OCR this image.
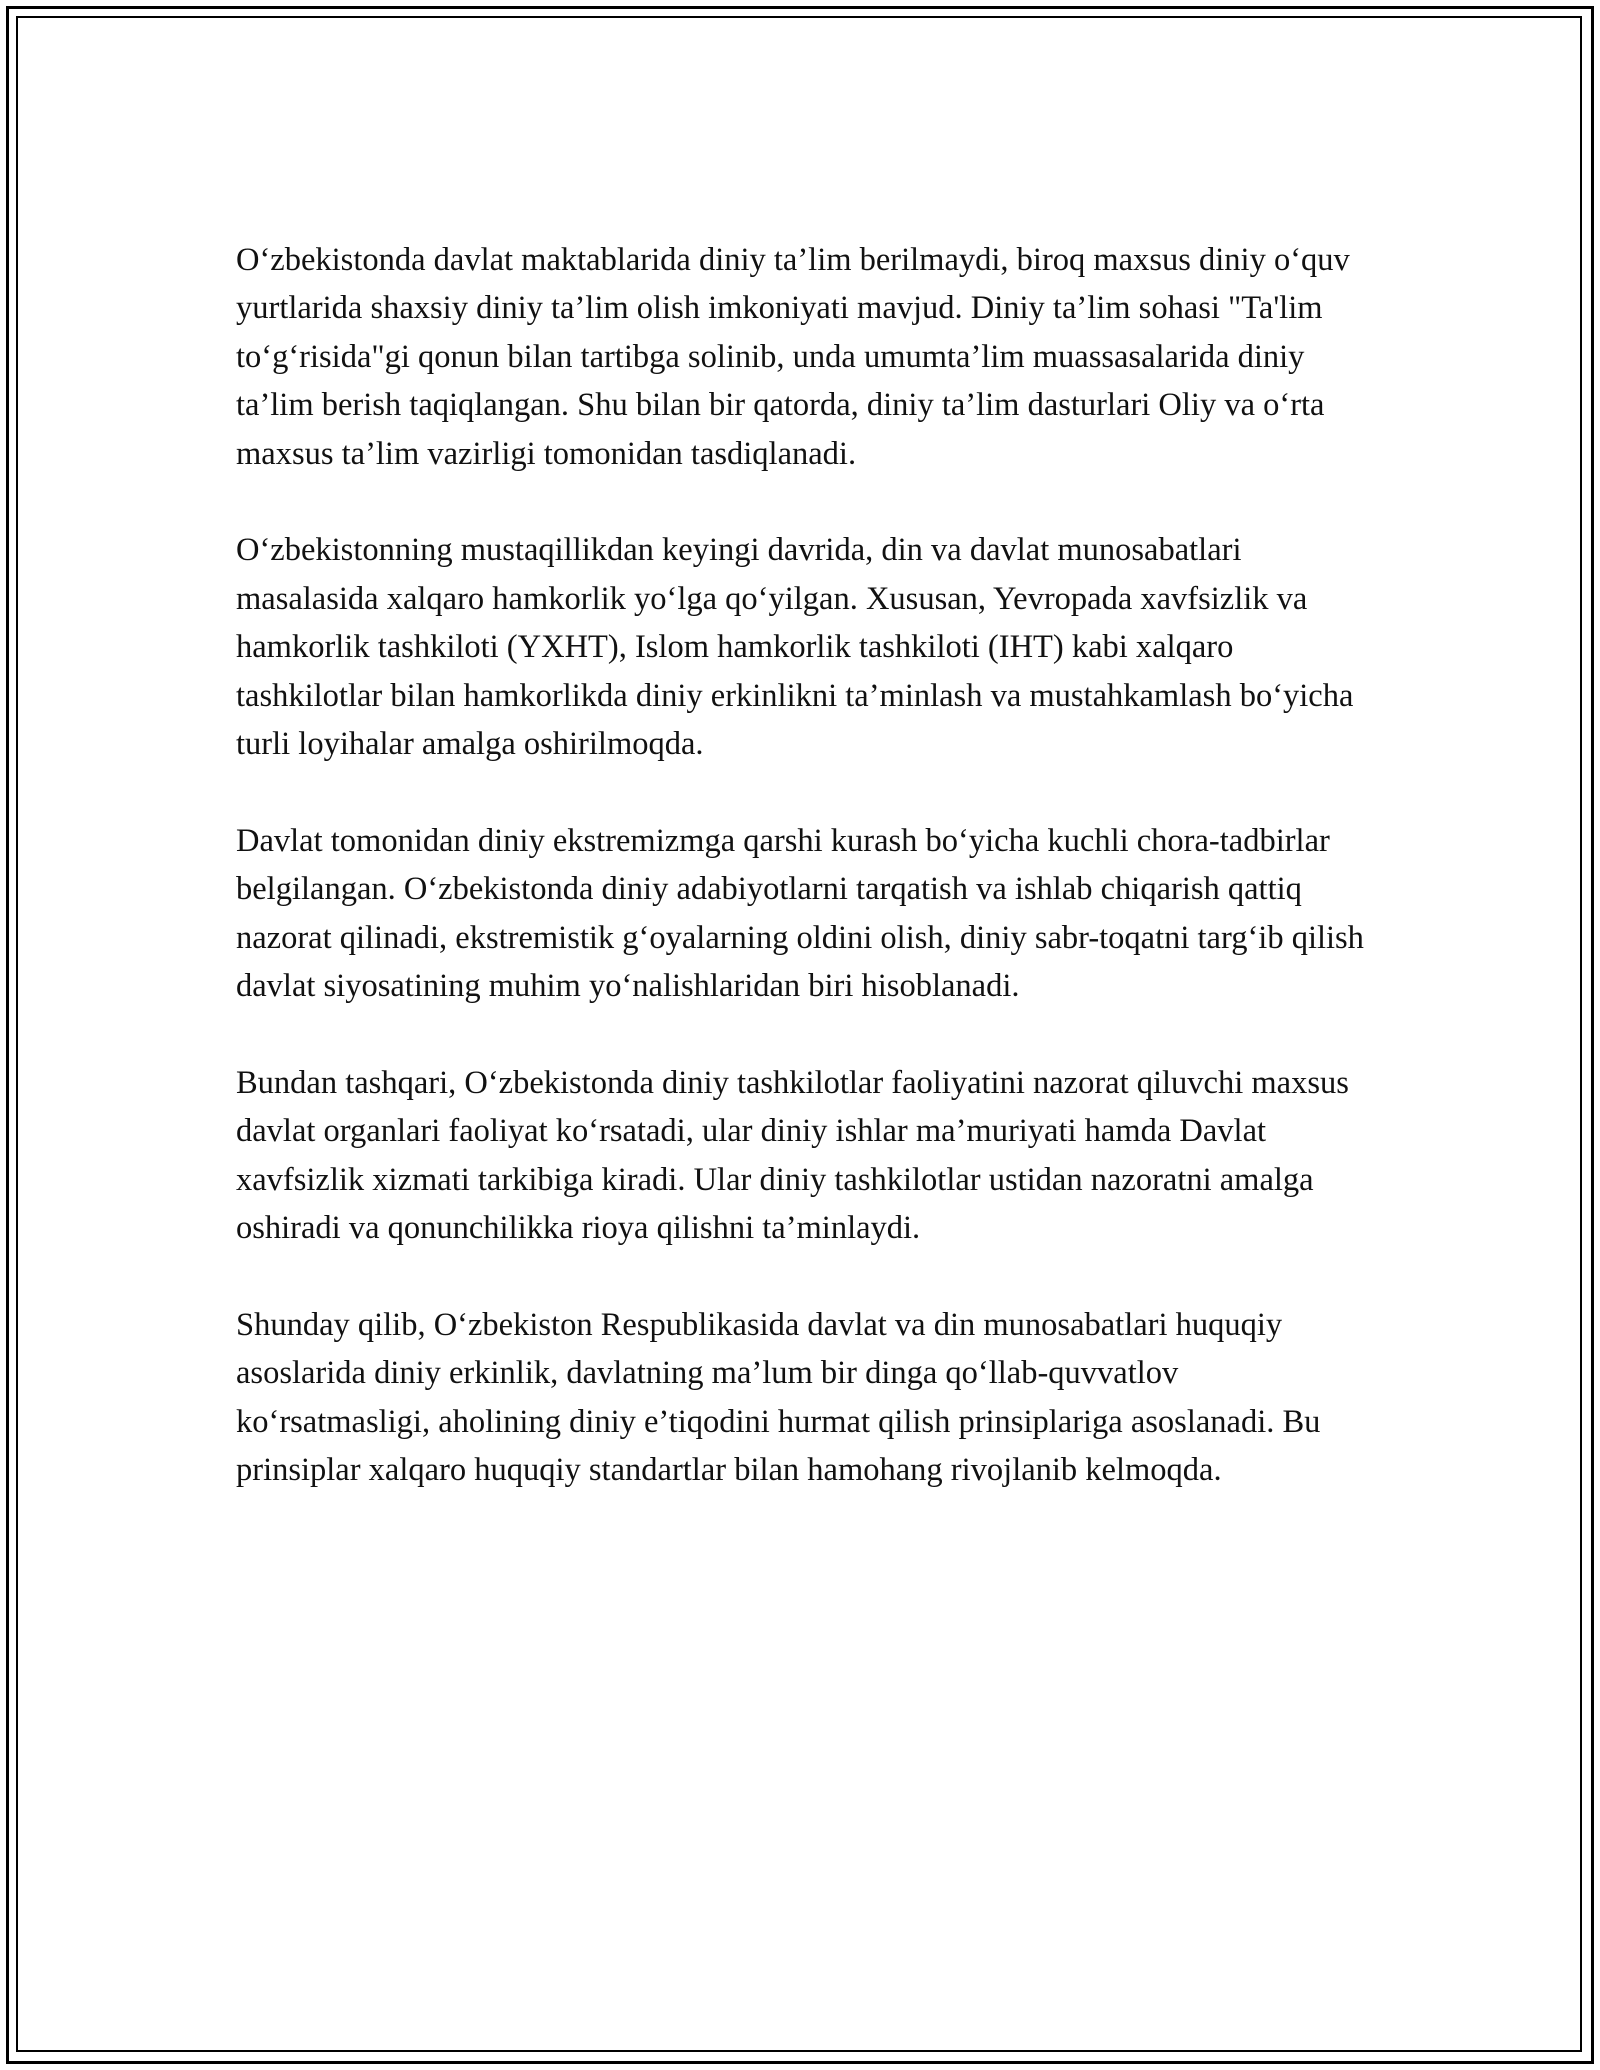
O‘zbekistonda davlat maktablarida diniy ta’lim berilmaydi, biroq maxsus diniy o‘quv yurtlarida shaxsiy diniy ta’lim olish imkoniyati mavjud. Diniy ta’lim sohasi "Ta'lim to‘g‘risida"gi qonun bilan tartibga solinib, unda umumta’lim muassasalarida diniy ta’lim berish taqiqlangan. Shu bilan bir qatorda, diniy ta’lim dasturlari Oliy va o‘rta maxsus ta’lim vazirligi tomonidan tasdiqlanadi.

O‘zbekistonning mustaqillikdan keyingi davrida, din va davlat munosabatlari masalasida xalqaro hamkorlik yo‘lga qo‘yilgan. Xususan, Yevropada xavfsizlik va hamkorlik tashkiloti (YXHT), Islom hamkorlik tashkiloti (IHT) kabi xalqaro tashkilotlar bilan hamkorlikda diniy erkinlikni ta’minlash va mustahkamlash bo‘yicha turli loyihalar amalga oshirilmoqda.

Davlat tomonidan diniy ekstremizmga qarshi kurash bo‘yicha kuchli chora-tadbirlar belgilangan. O‘zbekistonda diniy adabiyotlarni tarqatish va ishlab chiqarish qattiq nazorat qilinadi, ekstremistik g‘oyalarning oldini olish, diniy sabr-toqatni targ‘ib qilish davlat siyosatining muhim yo‘nalishlaridan biri hisoblanadi.

Bundan tashqari, O‘zbekistonda diniy tashkilotlar faoliyatini nazorat qiluvchi maxsus davlat organlari faoliyat ko‘rsatadi, ular diniy ishlar ma’muriyati hamda Davlat xavfsizlik xizmati tarkibiga kiradi. Ular diniy tashkilotlar ustidan nazoratni amalga oshiradi va qonunchilikka rioya qilishni ta’minlaydi.

Shunday qilib, O‘zbekiston Respublikasida davlat va din munosabatlari huquqiy asoslarida diniy erkinlik, davlatning ma’lum bir dinga qo‘llab-quvvatlov ko‘rsatmasligi, aholining diniy e’tiqodini hurmat qilish prinsiplariga asoslanadi. Bu prinsiplar xalqaro huquqiy standartlar bilan hamohang rivojlanib kelmoqda.
